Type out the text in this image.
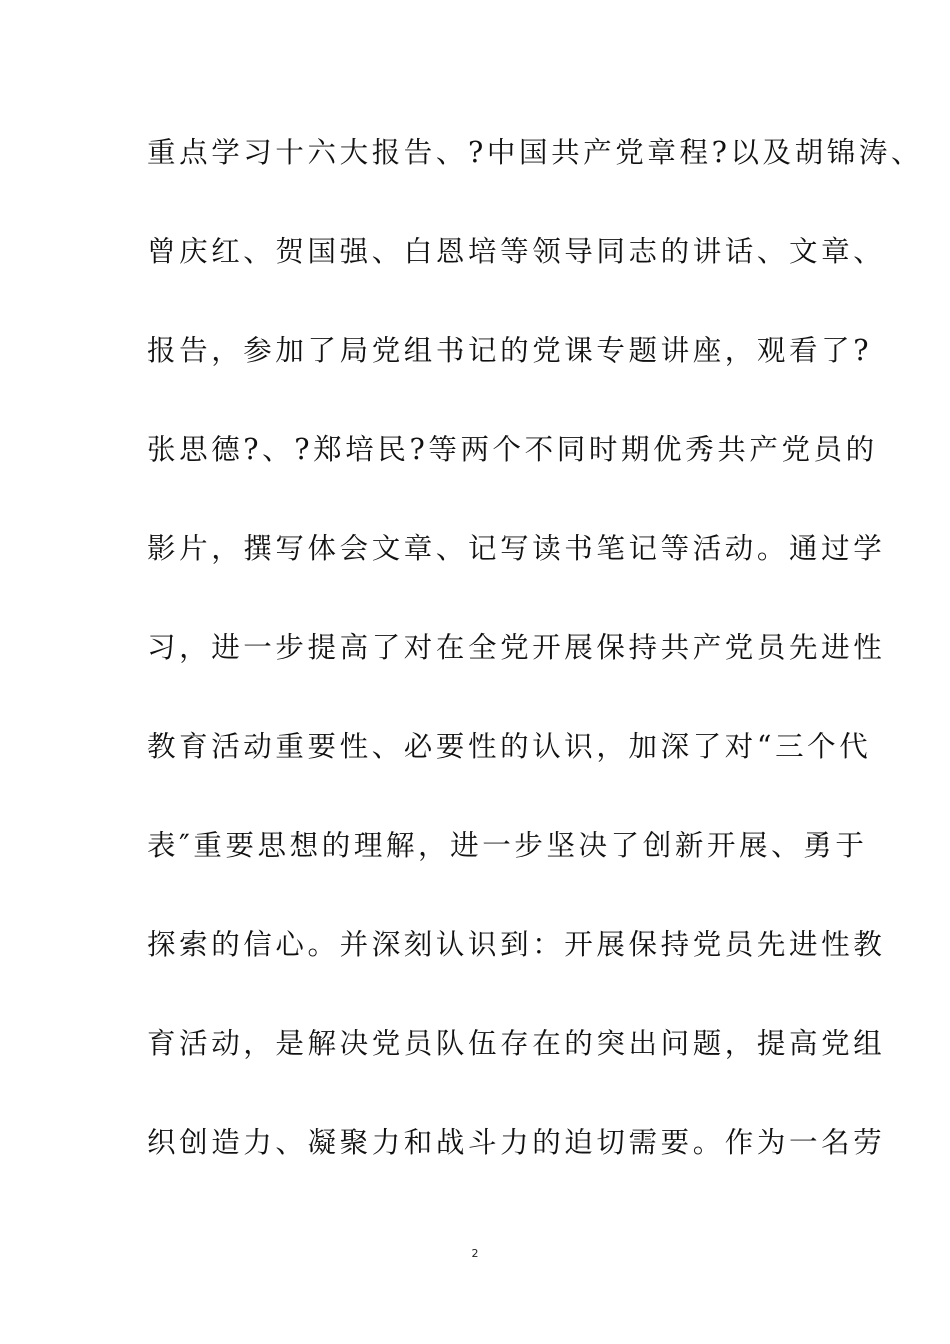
重点学习十六大报告、?中国共产党章程?以及胡锦涛、
曾庆红、贺国强、白恩培等领导同志的讲话、文章、
报告，参加了局党组书记的党课专题讲座，观看了?
张思德?、?郑培民?等两个不同时期优秀共产党员的
影片，撰写体会文章、记写读书笔记等活动。通过学
习，进一步提高了对在全党开展保持共产党员先进性
教育活动重要性、必要性的认识，加深了对“三个代
表″重要思想的理解，进一步坚决了创新开展、勇于
探索的信心。并深刻认识到：开展保持党员先进性教
育活动，是解决党员队伍存在的突出问题，提高党组
织创造力、凝聚力和战斗力的迫切需要。作为一名劳
2
